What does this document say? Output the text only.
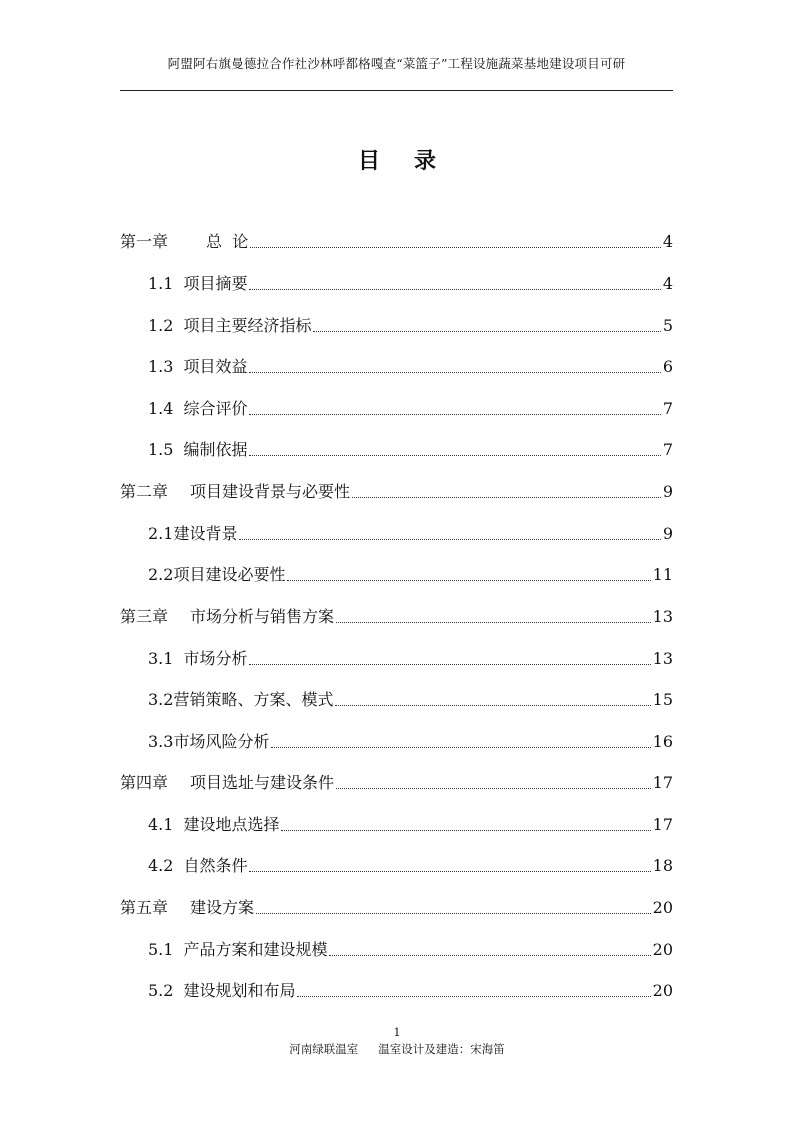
阿盟阿右旗曼德拉合作社沙林呼都格嘎查“菜篮子”工程设施蔬菜基地建设项目可研
目录
第一章 总  论	4
1.1 项目摘要	4
1.2 项目主要经济指标	5
1.3 项目效益	6
1.4 综合评价	7
1.5 编制依据	7
第二章 项目建设背景与必要性	9
2.1建设背景	9
2.2项目建设必要性	11
第三章 市场分析与销售方案	13
3.1 市场分析	13
3.2营销策略、方案、模式	15
3.3市场风险分析	16
第四章 项目选址与建设条件	17
4.1 建设地点选择	17
4.2 自然条件	18
第五章 建设方案	20
5.1 产品方案和建设规模	20
5.2 建设规划和布局	20
1
河南绿联温室 温室设计及建造：宋海笛
